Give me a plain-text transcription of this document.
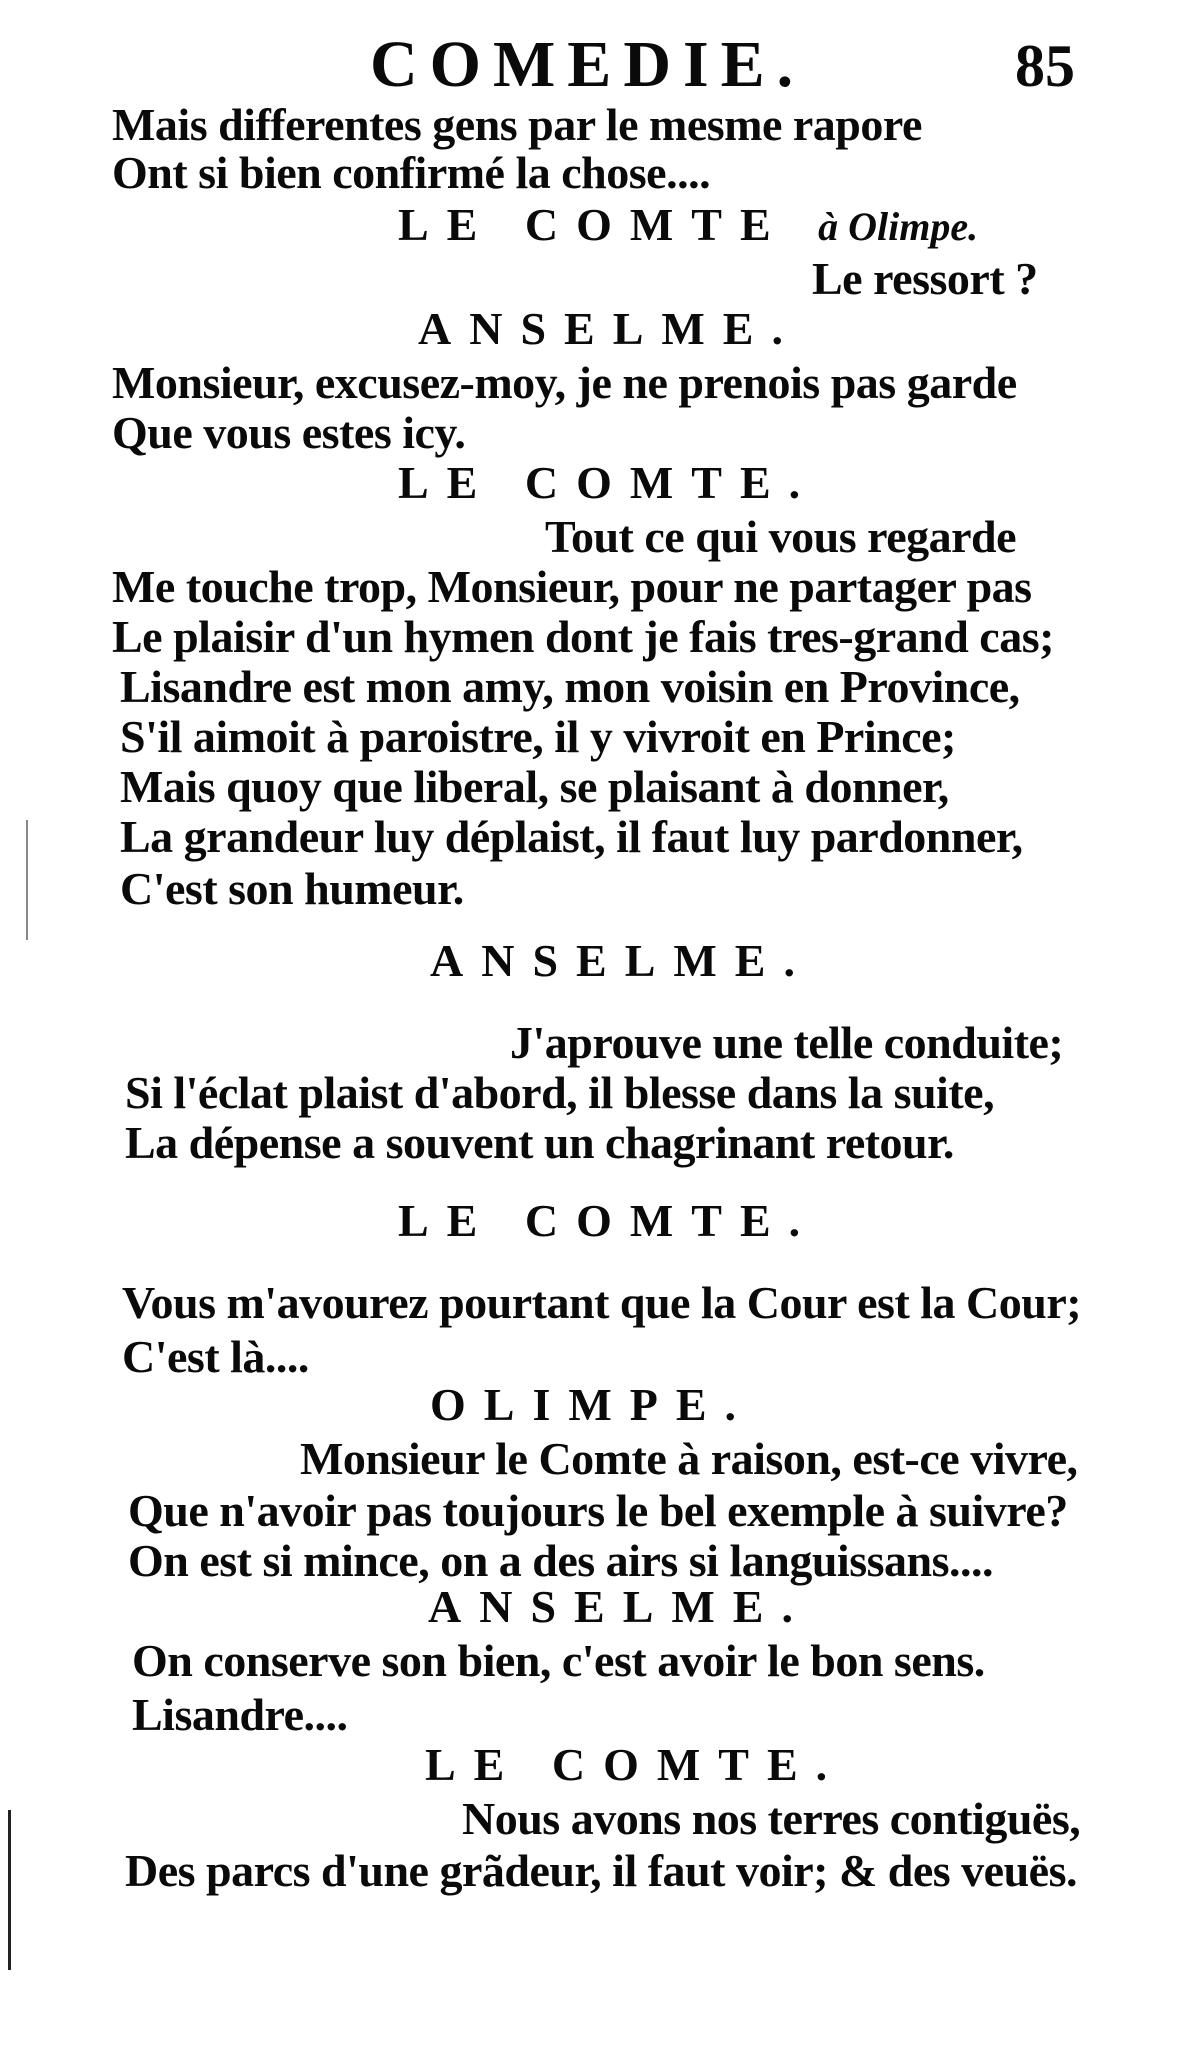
COMEDIE.	85
Mais differentes gens par le mesme rapore
Ont si bien confirmé la chose....
LE COMTE à Olimpe.
Le ressort ?
ANSELME.
Monsieur, excusez-moy, je ne prenois pas garde
Que vous estes icy.
LE COMTE.
Tout ce qui vous regarde
Me touche trop, Monsieur, pour ne partager pas
Le plaisir d'un hymen dont je fais tres-grand cas;
Lisandre est mon amy, mon voisin en Province,
S'il aimoit à paroistre, il y vivroit en Prince;
Mais quoy que liberal, se plaisant à donner,
La grandeur luy déplaist, il faut luy pardonner,
C'est son humeur.
ANSELME.
J'aprouve une telle conduite;
Si l'éclat plaist d'abord, il blesse dans la suite,
La dépense a souvent un chagrinant retour.
LE COMTE.
Vous m'avourez pourtant que la Cour est la Cour;
C'est là....
OLIMPE.
Monsieur le Comte à raison, est-ce vivre,
Que n'avoir pas toujours le bel exemple à suivre?
On est si mince, on a des airs si languissans....
ANSELME.
On conserve son bien, c'est avoir le bon sens.
Lisandre....
LE COMTE.
Nous avons nos terres contiguës,
Des parcs d'une grãdeur, il faut voir; & des veuës.
